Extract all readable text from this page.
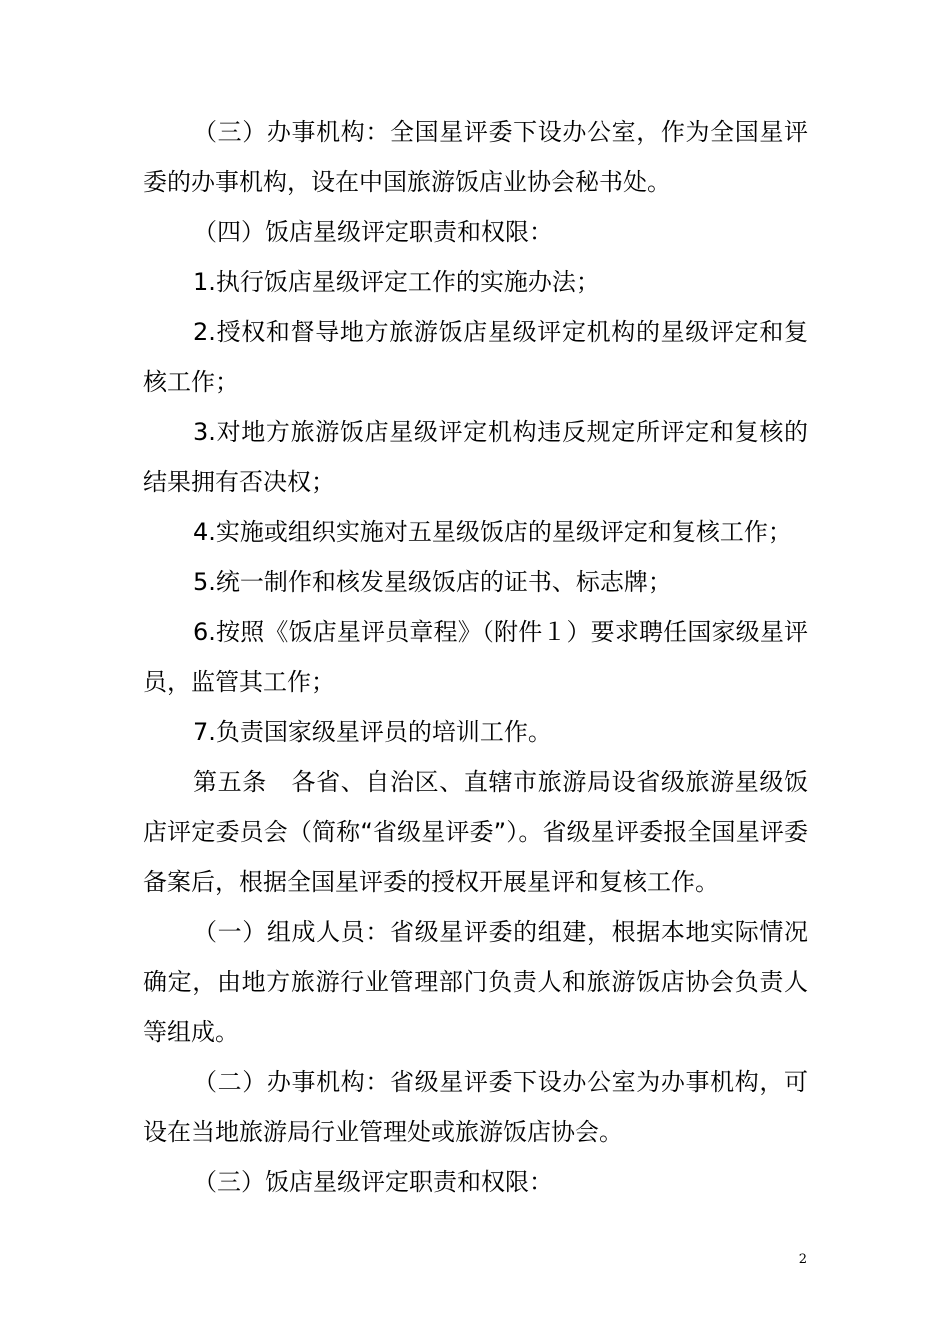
（三）办事机构：全国星评委下设办公室，作为全国星评委的办事机构，设在中国旅游饭店业协会秘书处。

（四）饭店星级评定职责和权限：

1.执行饭店星级评定工作的实施办法；

2.授权和督导地方旅游饭店星级评定机构的星级评定和复核工作；

3.对地方旅游饭店星级评定机构违反规定所评定和复核的结果拥有否决权；

4.实施或组织实施对五星级饭店的星级评定和复核工作；

5.统一制作和核发星级饭店的证书、标志牌；

6.按照《饭店星评员章程》（附件１）要求聘任国家级星评员，监管其工作；

7.负责国家级星评员的培训工作。

第五条　各省、自治区、直辖市旅游局设省级旅游星级饭店评定委员会（简称“省级星评委”）。省级星评委报全国星评委备案后，根据全国星评委的授权开展星评和复核工作。

（一）组成人员：省级星评委的组建，根据本地实际情况确定，由地方旅游行业管理部门负责人和旅游饭店协会负责人等组成。

（二）办事机构：省级星评委下设办公室为办事机构，可设在当地旅游局行业管理处或旅游饭店协会。

（三）饭店星级评定职责和权限：

2
